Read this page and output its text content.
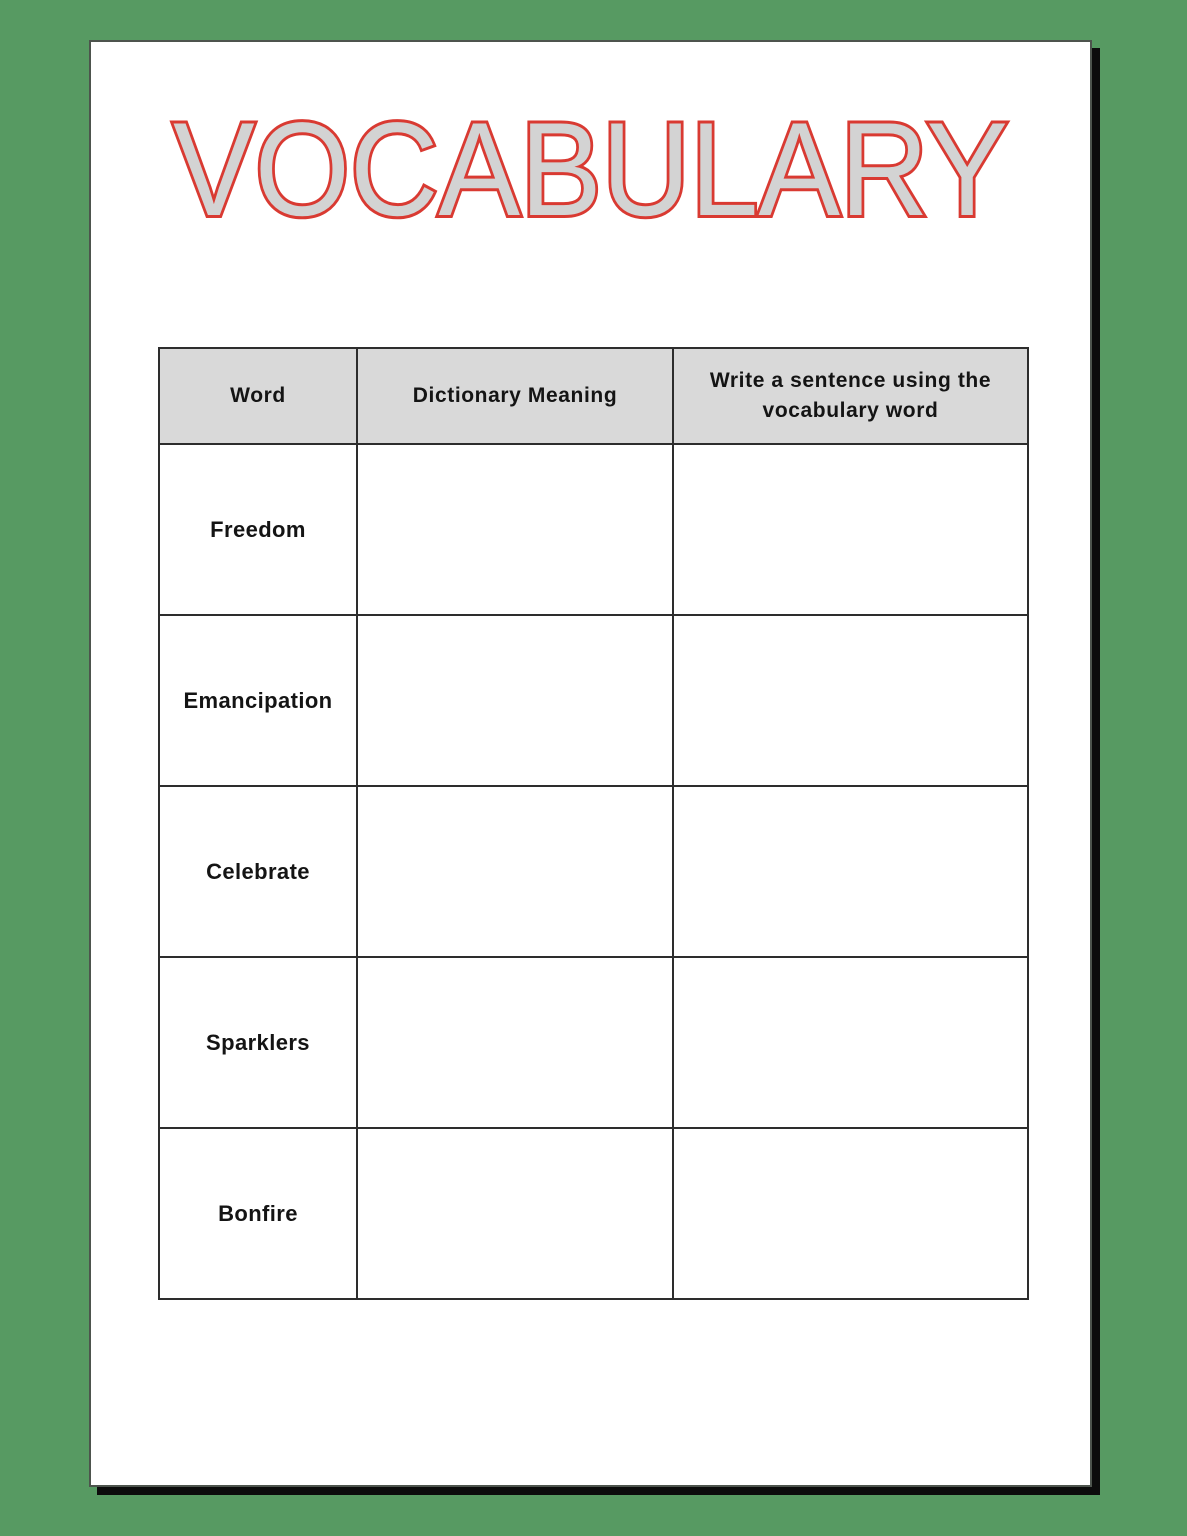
VOCABULARY
Word	Dictionary Meaning	Write a sentence using the vocabulary word
Freedom		
Emancipation		
Celebrate		
Sparklers		
Bonfire		
